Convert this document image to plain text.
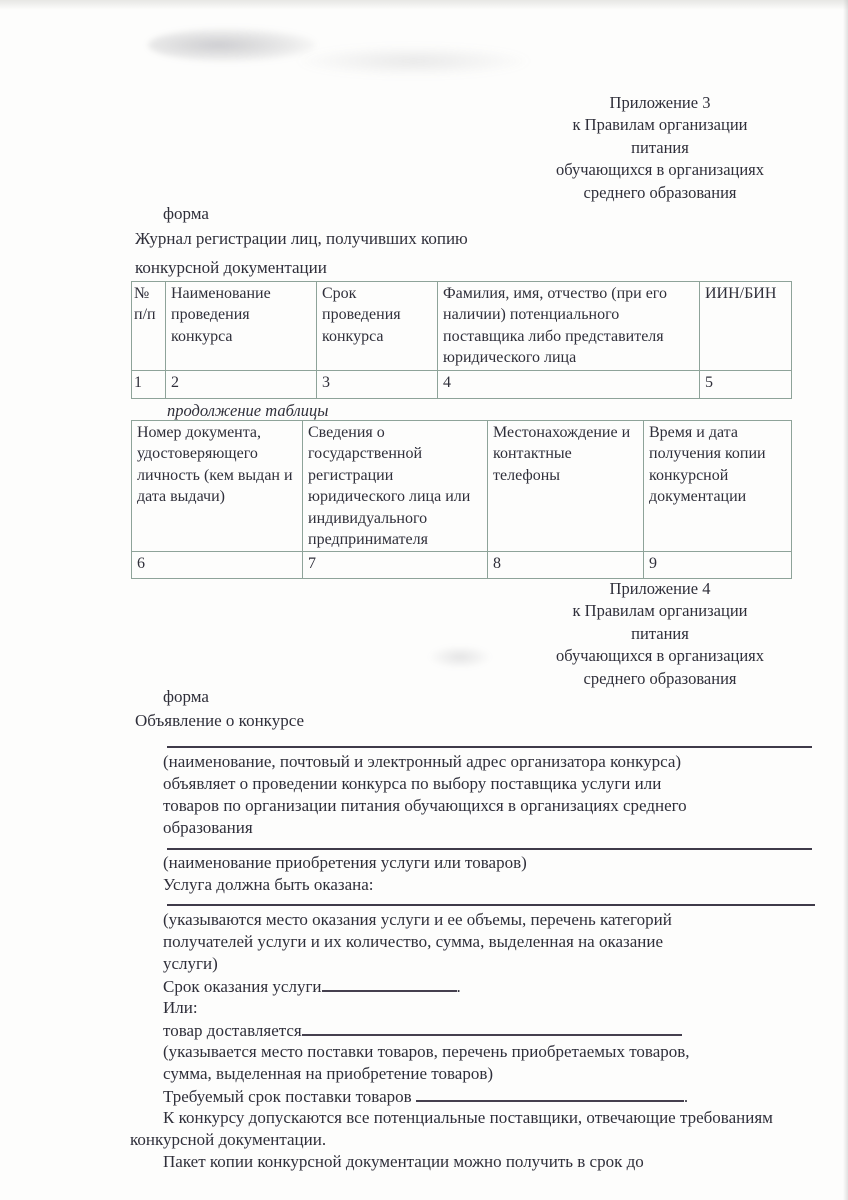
Приложение 3
к Правилам организации
питания
обучающихся в организациях
среднего образования
форма
Журнал регистрации лиц, получивших копию
конкурсной документации
№ п/п	Наименование проведения конкурса	Срок проведения конкурса	Фамилия, имя, отчество (при его наличии) потенциального поставщика либо представителя юридического лица	ИИН/БИН
1	2	3	4	5
продолжение таблицы
Номер документа, удостоверяющего личность (кем выдан и дата выдачи)	Сведения о государственной регистрации юридического лица или индивидуального предпринимателя	Местонахождение и контактные телефоны	Время и дата получения копии конкурсной документации
6	7	8	9
Приложение 4
к Правилам организации
питания
обучающихся в организациях
среднего образования
форма
Объявление о конкурсе
(наименование, почтовый и электронный адрес организатора конкурса)
объявляет о проведении конкурса по выбору поставщика услуги или
товаров по организации питания обучающихся в организациях среднего
образования
(наименование приобретения услуги или товаров)
Услуга должна быть оказана:
(указываются место оказания услуги и ее объемы, перечень категорий
получателей услуги и их количество, сумма, выделенная на оказание
услуги)
Срок оказания услуги	.
Или:
товар доставляется
(указывается место поставки товаров, перечень приобретаемых товаров,
сумма, выделенная на приобретение товаров)
Требуемый срок поставки товаров	.
К конкурсу допускаются все потенциальные поставщики, отвечающие требованиям
конкурсной документации.
Пакет копии конкурсной документации можно получить в срок до
